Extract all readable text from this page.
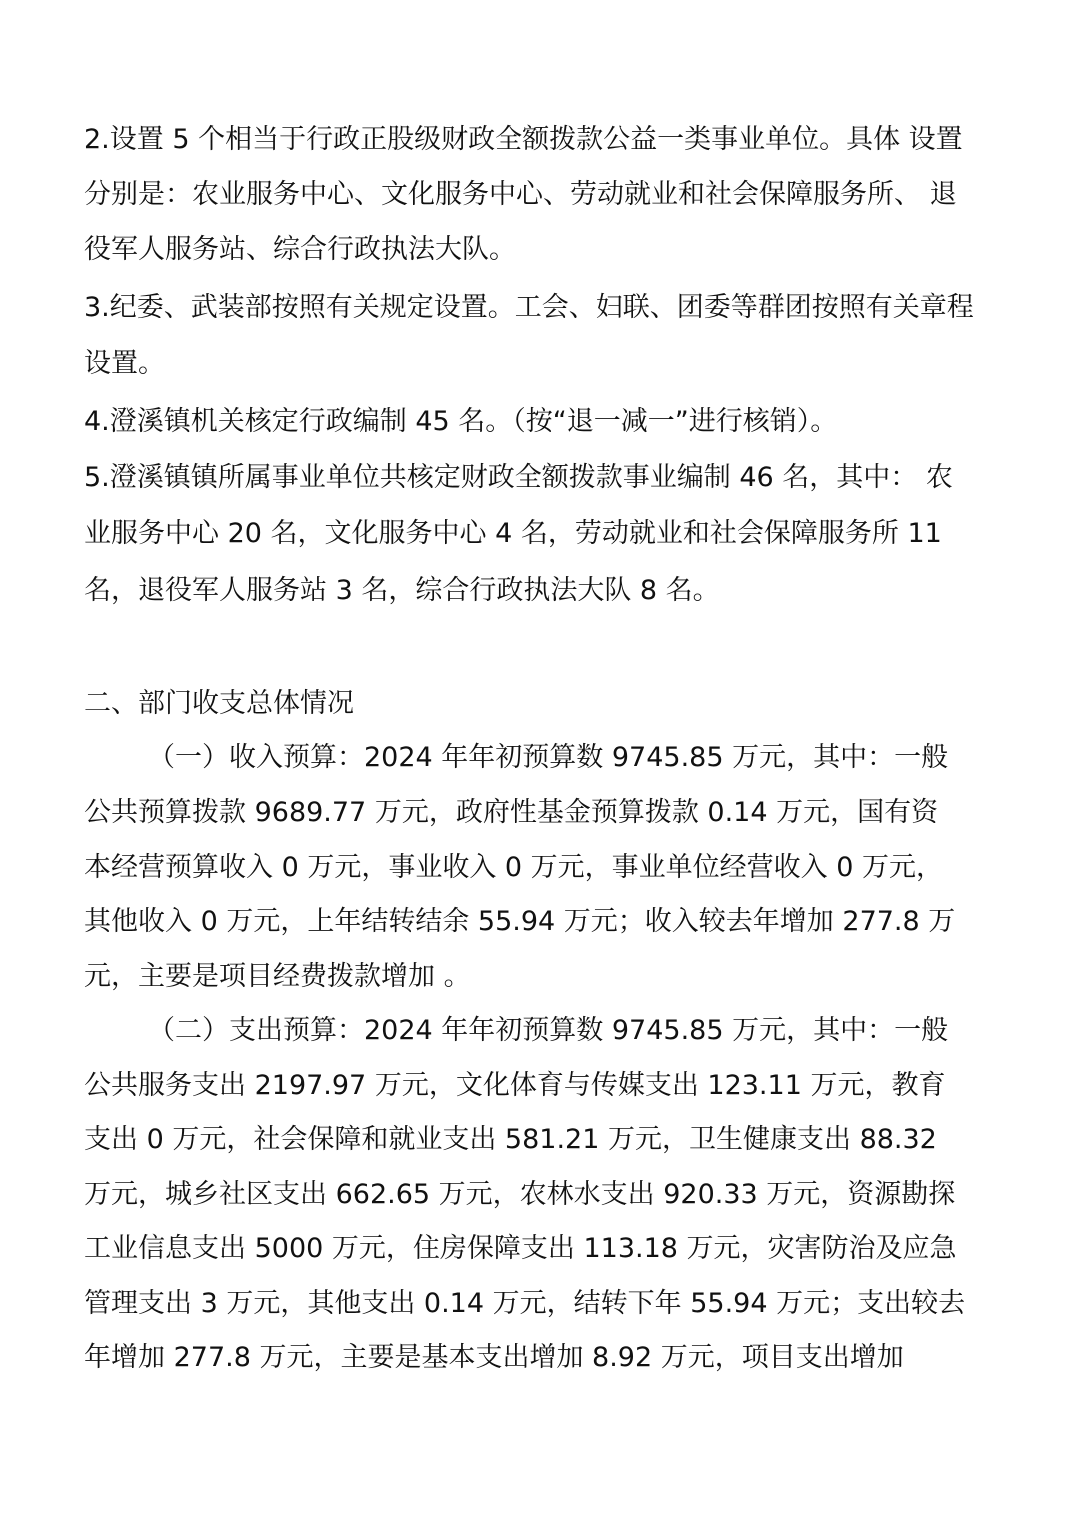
2.设置 5 个相当于行政正股级财政全额拨款公益一类事业单位。具体 设置
分别是：农业服务中心、文化服务中心、劳动就业和社会保障服务所、 退
役军人服务站、综合行政执法大队。
3.纪委、武装部按照有关规定设置。工会、妇联、团委等群团按照有关章程
设置。
4.澄溪镇机关核定行政编制 45 名。（按“退一减一”进行核销）。
5.澄溪镇镇所属事业单位共核定财政全额拨款事业编制 46 名，其中： 农
业服务中心 20 名，文化服务中心 4 名，劳动就业和社会保障服务所 11
名，退役军人服务站 3 名，综合行政执法大队 8 名。
二、部门收支总体情况
（一）收入预算：2024 年年初预算数 9745.85 万元，其中：一般
公共预算拨款 9689.77 万元，政府性基金预算拨款 0.14 万元，国有资
本经营预算收入 0 万元，事业收入 0 万元，事业单位经营收入 0 万元，
其他收入 0 万元，上年结转结余 55.94 万元；收入较去年增加 277.8 万
元，主要是项目经费拨款增加 。
（二）支出预算：2024 年年初预算数 9745.85 万元，其中：一般
公共服务支出 2197.97 万元，文化体育与传媒支出 123.11 万元，教育
支出 0 万元，社会保障和就业支出 581.21 万元，卫生健康支出 88.32
万元，城乡社区支出 662.65 万元，农林水支出 920.33 万元，资源勘探
工业信息支出 5000 万元，住房保障支出 113.18 万元，灾害防治及应急
管理支出 3 万元，其他支出 0.14 万元，结转下年 55.94 万元；支出较去
年增加 277.8 万元，主要是基本支出增加 8.92 万元，项目支出增加
